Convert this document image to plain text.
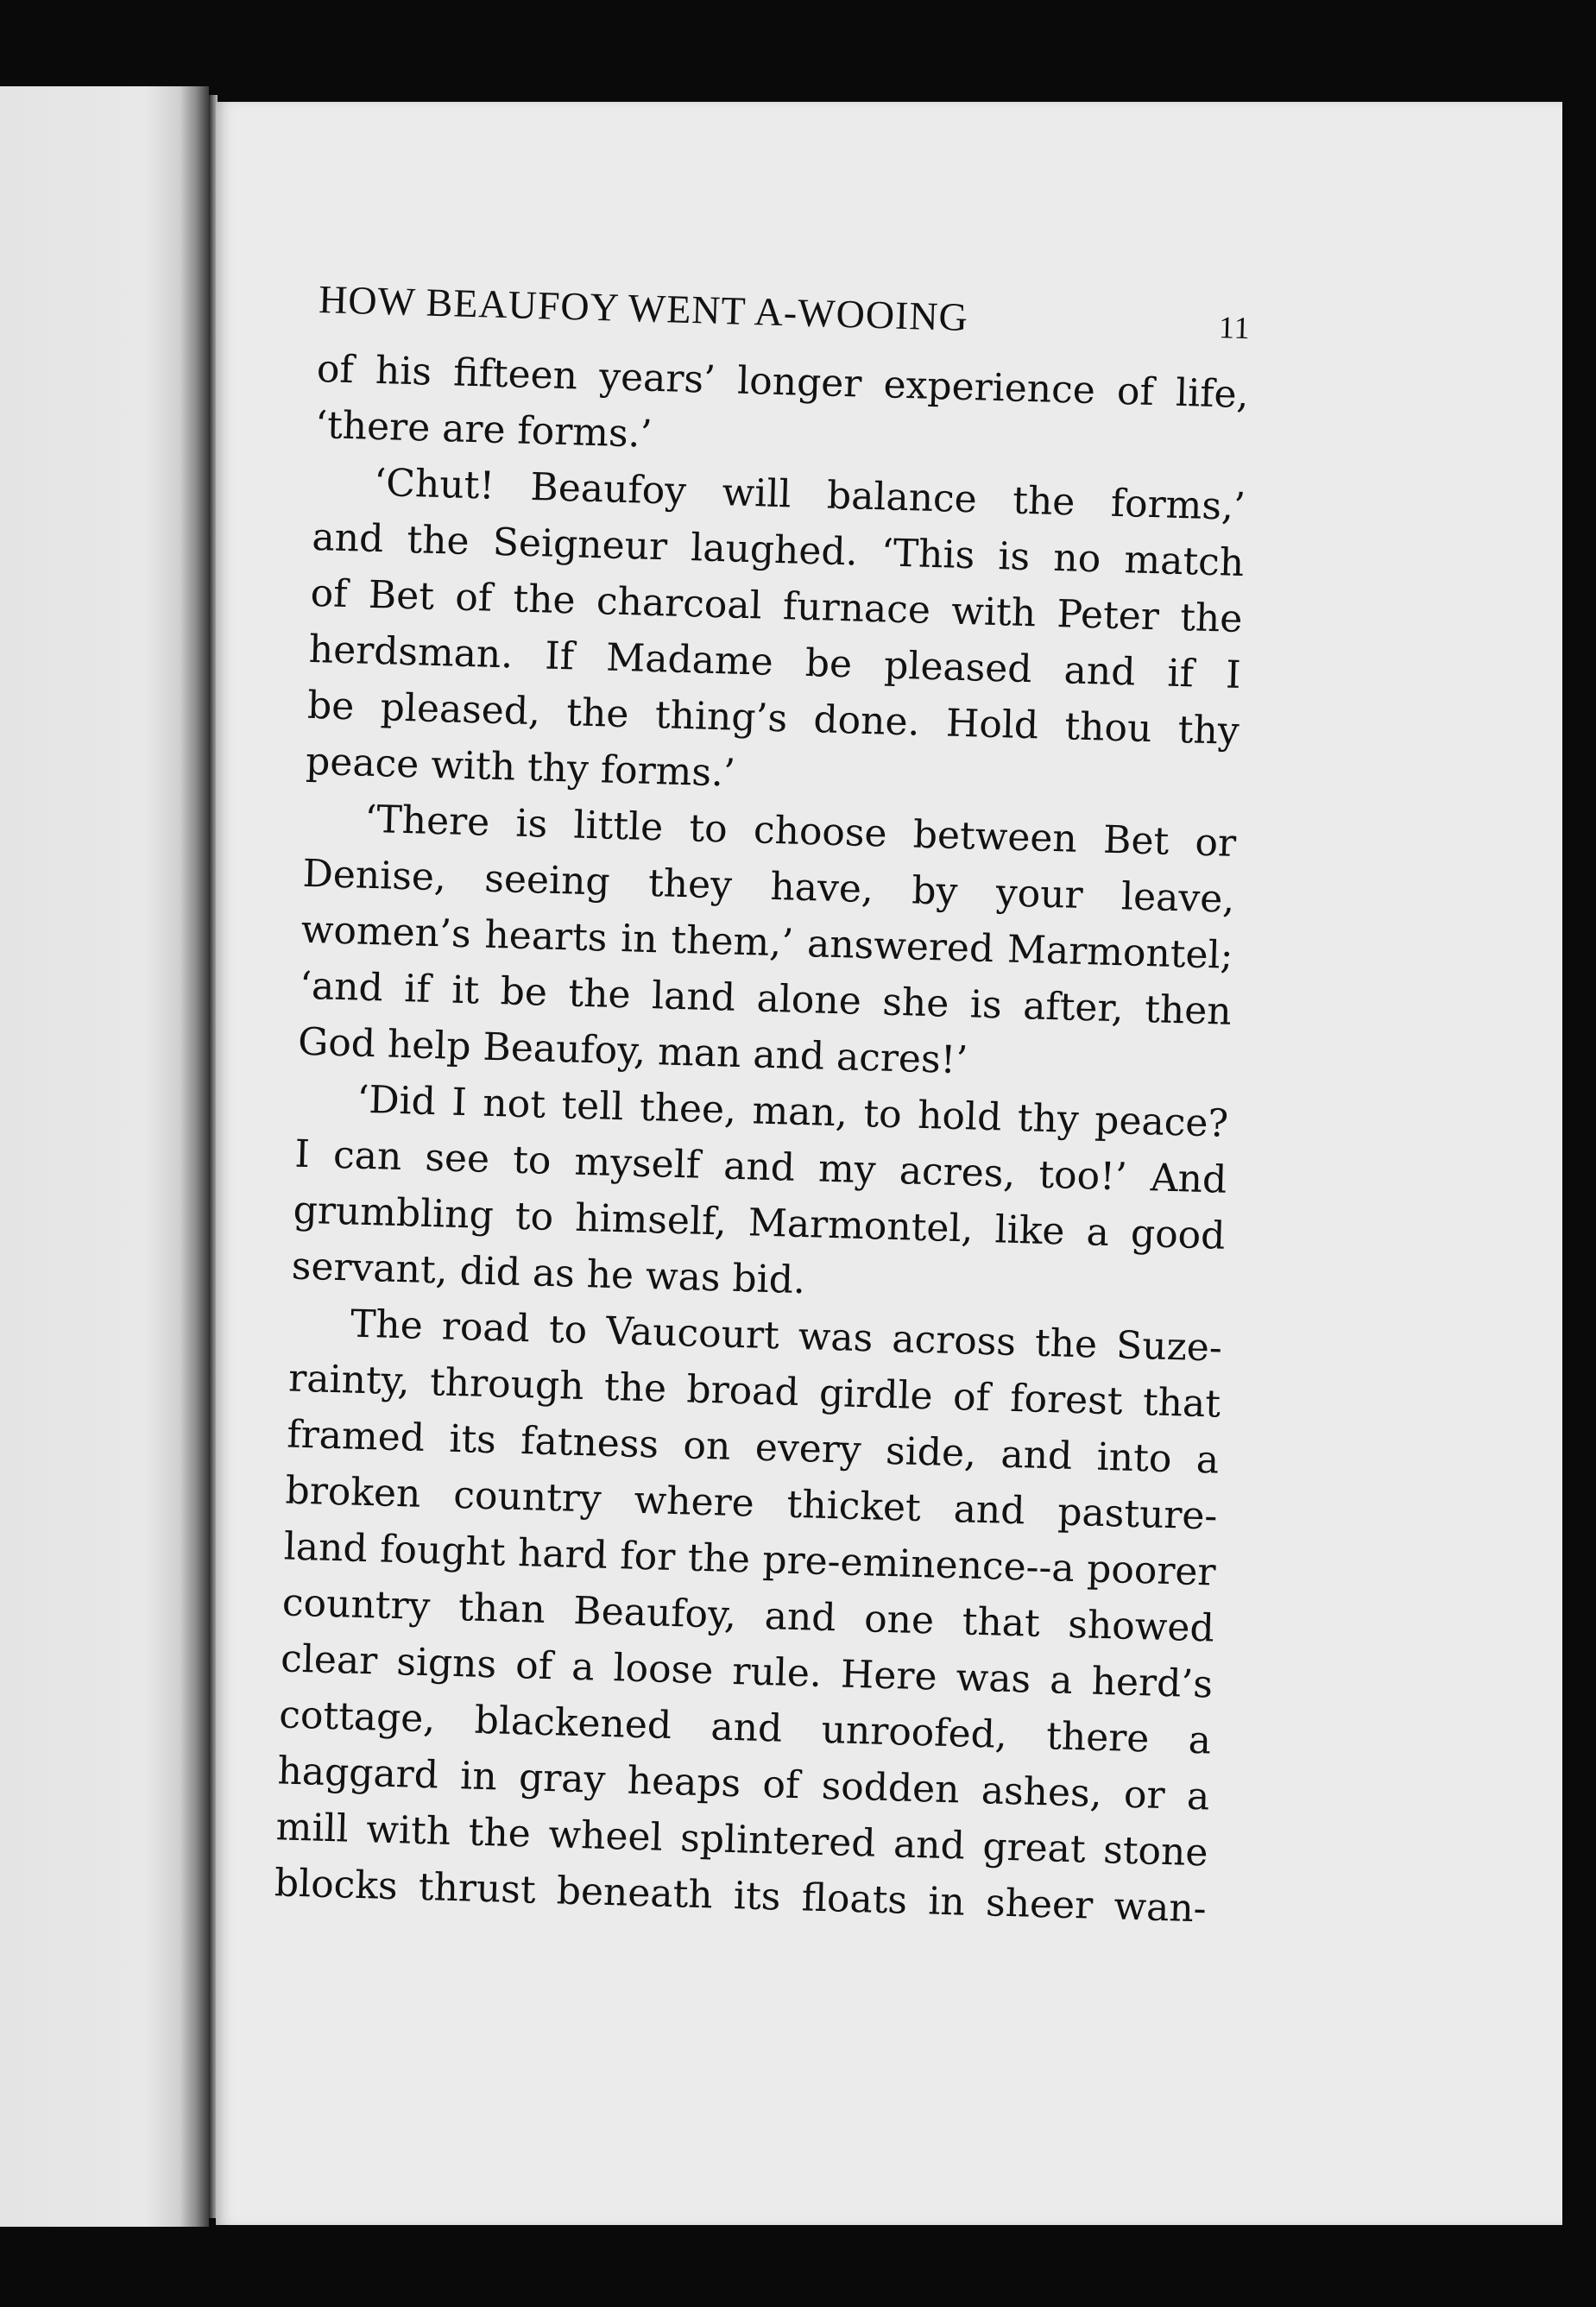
HOW BEAUFOY WENT A-WOOING	11
of his fifteen years’ longer experience of life,
‘there are forms.’
‘Chut! Beaufoy will balance the forms,’
and the Seigneur laughed. ‘This is no match
of Bet of the charcoal furnace with Peter the
herdsman. If Madame be pleased and if I
be pleased, the thing’s done. Hold thou thy
peace with thy forms.’
‘There is little to choose between Bet or
Denise, seeing they have, by your leave,
women’s hearts in them,’ answered Marmontel;
‘and if it be the land alone she is after, then
God help Beaufoy, man and acres!’
‘Did I not tell thee, man, to hold thy peace?
I can see to myself and my acres, too!’ And
grumbling to himself, Marmontel, like a good
servant, did as he was bid.
The road to Vaucourt was across the Suze-
rainty, through the broad girdle of forest that
framed its fatness on every side, and into a
broken country where thicket and pasture-
land fought hard for the pre-eminence--a poorer
country than Beaufoy, and one that showed
clear signs of a loose rule. Here was a herd’s
cottage, blackened and unroofed, there a
haggard in gray heaps of sodden ashes, or a
mill with the wheel splintered and great stone
blocks thrust beneath its floats in sheer wan-
